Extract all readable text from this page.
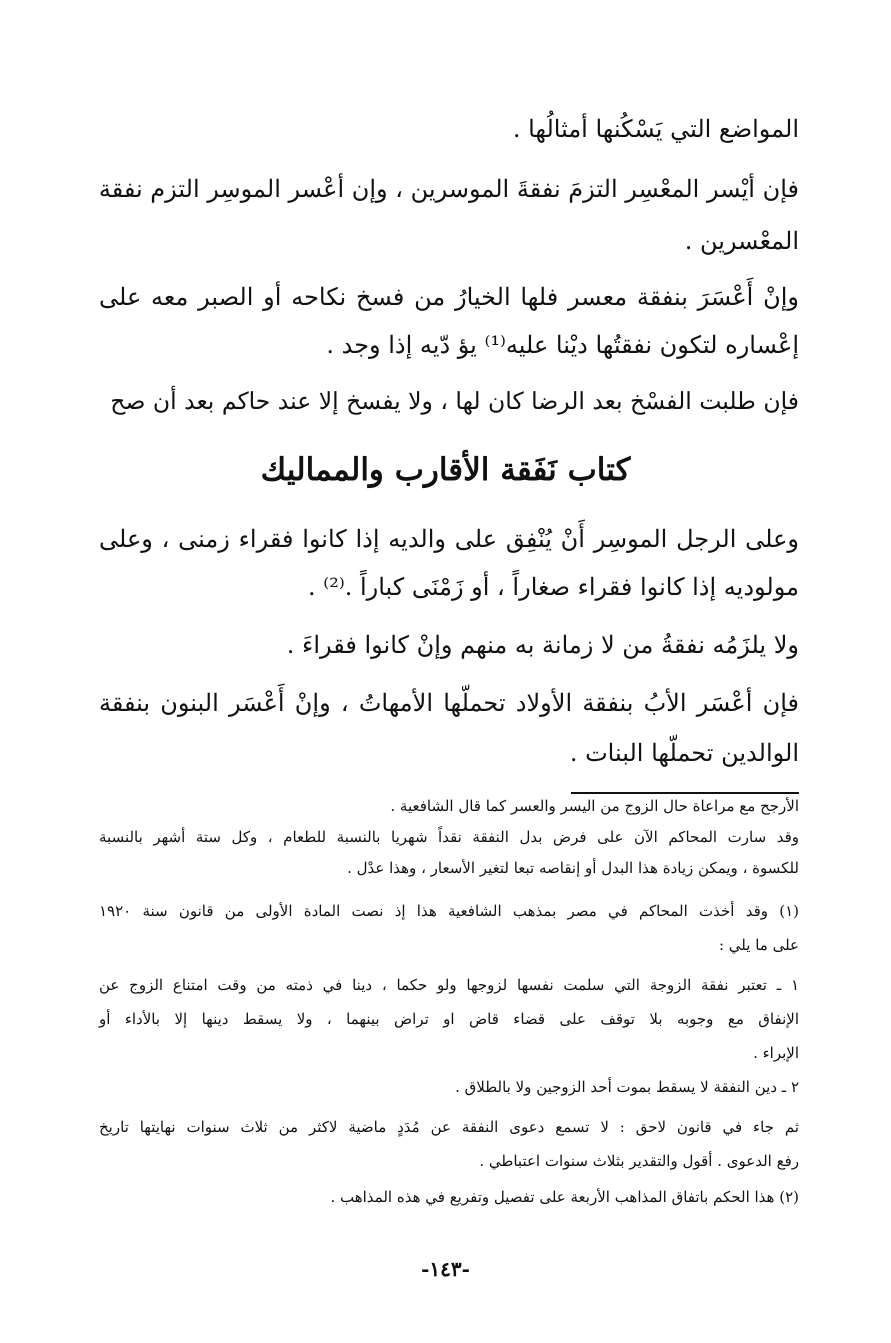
المواضع التي يَسْكُنها أمثالُها .
فإن أيْسر المعْسِر التزمَ نفقةَ الموسرين ، وإن أعْسر الموسِر التزم نفقة
المعْسرين .
وإنْ أَعْسَرَ بنفقة معسر فلها الخيارُ من فسخ نكاحه أو الصبر معه على
إعْساره لتكون نفقتُها ديْنا عليه⁽¹⁾ يؤ دّيه إذا وجد .
فإن طلبت الفسْخ بعد الرضا كان لها ، ولا يفسخ إلا عند حاكم بعد أن صح
كتاب نَفَقة الأقارب والمماليك
وعلى الرجل الموسِر أَنْ يُنْفِق على والديه إذا كانوا فقراء زمنى ، وعلى
مولوديه إذا كانوا فقراء صغاراً ، أو زَمْنَى كباراً .⁽²⁾ .
ولا يلزَمُه نفقةُ من لا زمانة به منهم وإنْ كانوا فقراءَ .
فإن أعْسَر الأبُ بنفقة الأولاد تحملّها الأمهاتُ ، وإنْ أَعْسَر البنون بنفقة
الوالدين تحملّها البنات .
الأرجح مع مراعاة حال الزوج من اليسر والعسر كما قال الشافعية .
وقد سارت المحاكم الآن على فرض بدل النفقة نقداً شهريا بالنسبة للطعام ، وكل ستة أشهر بالنسبة
للكسوة ، ويمكن زيادة هذا البدل أو إنقاصه تبعا لتغير الأسعار ، وهذا عدْل .
(١) وقد أخذت المحاكم في مصر بمذهب الشافعية هذا إذ نصت المادة الأولى من قانون سنة ١٩٢٠
على ما يلي :
١ ـ تعتبر نفقة الزوجة التي سلمت نفسها لزوجها ولو حكما ، دينا في ذمته من وقت امتناع الزوج عن
الإنفاق مع وجوبه بلا توقف على قضاء قاض او تراض بينهما ، ولا يسقط دينها إلا بالأداء أو
الإبراء .
٢ ـ دين النفقة لا يسقط بموت أحد الزوجين ولا بالطلاق .
ثم جاء في قانون لاحق : لا تسمع دعوى النفقة عن مُدَدٍ ماضية لاكثر من ثلاث سنوات نهايتها تاريخ
رفع الدعوى . أقول والتقدير بثلاث سنوات اعتباطي .
(٢) هذا الحكم باتفاق المذاهب الأربعة على تفصيل وتفريع في هذه المذاهب .
-١٤٣-
